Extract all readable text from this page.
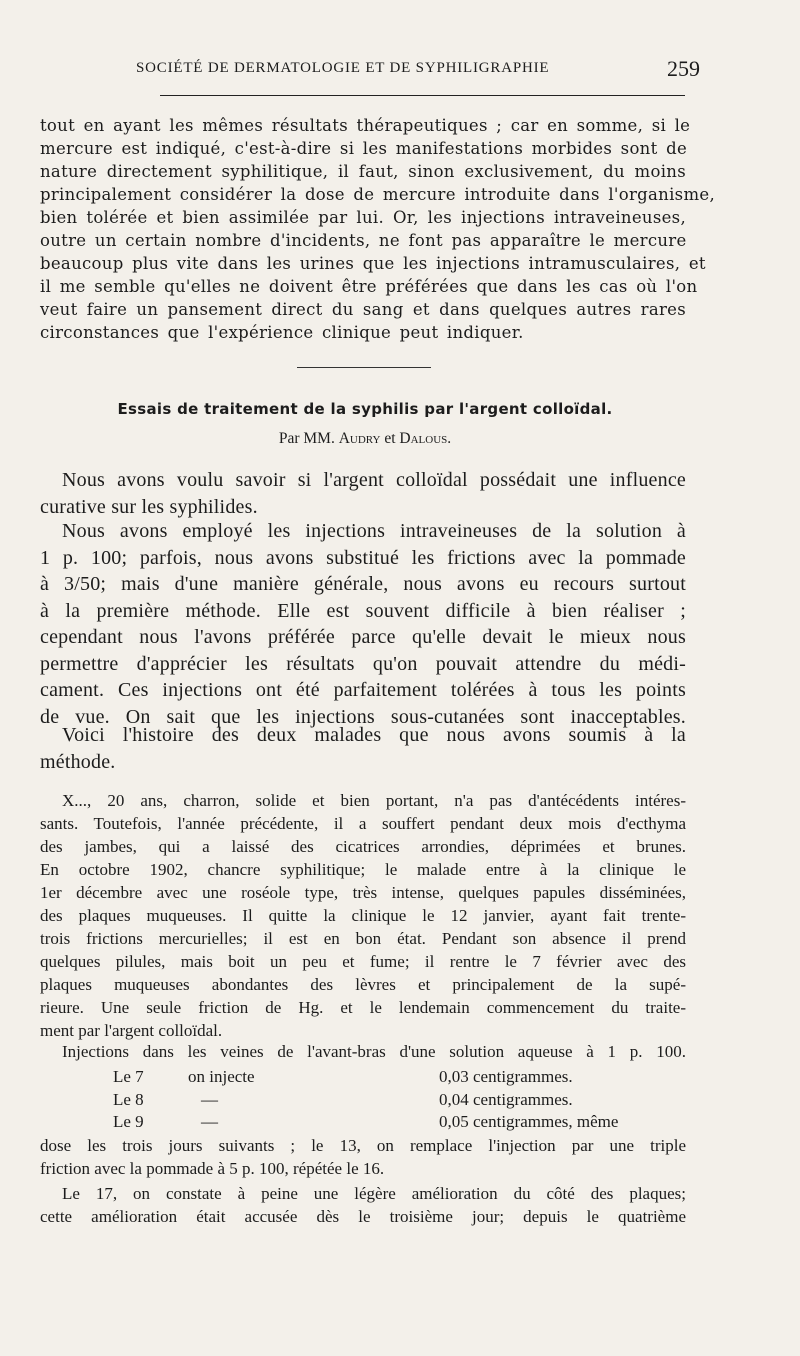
SOCIÉTÉ DE DERMATOLOGIE ET DE SYPHILIGRAPHIE	259
tout en ayant les mêmes résultats thérapeutiques ; car en somme, si le
mercure est indiqué, c'est-à-dire si les manifestations morbides sont de
nature directement syphilitique, il faut, sinon exclusivement, du moins
principalement considérer la dose de mercure introduite dans l'organisme,
bien tolérée et bien assimilée par lui. Or, les injections intraveineuses,
outre un certain nombre d'incidents, ne font pas apparaître le mercure
beaucoup plus vite dans les urines que les injections intramusculaires, et
il me semble qu'elles ne doivent être préférées que dans les cas où l'on
veut faire un pansement direct du sang et dans quelques autres rares
circonstances que l'expérience clinique peut indiquer.
Essais de traitement de la syphilis par l'argent colloïdal.
Par MM. Audry et Dalous.
Nous avons voulu savoir si l'argent colloïdal possédait une influence
curative sur les syphilides.
Nous avons employé les injections intraveineuses de la solution à
1 p. 100; parfois, nous avons substitué les frictions avec la pommade
à 3/50; mais d'une manière générale, nous avons eu recours surtout
à la première méthode. Elle est souvent difficile à bien réaliser ;
cependant nous l'avons préférée parce qu'elle devait le mieux nous
permettre d'apprécier les résultats qu'on pouvait attendre du médi-
cament. Ces injections ont été parfaitement tolérées à tous les points
de vue. On sait que les injections sous-cutanées sont inacceptables.
Voici l'histoire des deux malades que nous avons soumis à la
méthode.
X..., 20 ans, charron, solide et bien portant, n'a pas d'antécédents intéres-
sants. Toutefois, l'année précédente, il a souffert pendant deux mois d'ecthyma
des jambes, qui a laissé des cicatrices arrondies, déprimées et brunes.
En octobre 1902, chancre syphilitique; le malade entre à la clinique le
1er décembre avec une roséole type, très intense, quelques papules disséminées,
des plaques muqueuses. Il quitte la clinique le 12 janvier, ayant fait trente-
trois frictions mercurielles; il est en bon état. Pendant son absence il prend
quelques pilules, mais boit un peu et fume; il rentre le 7 février avec des
plaques muqueuses abondantes des lèvres et principalement de la supé-
rieure. Une seule friction de Hg. et le lendemain commencement du traite-
ment par l'argent colloïdal.
Injections dans les veines de l'avant-bras d'une solution aqueuse à 1 p. 100.
Le 7	on injecte	0,03 centigrammes.
Le 8	—	0,04 centigrammes.
Le 9	—	0,05 centigrammes, même
dose les trois jours suivants ; le 13, on remplace l'injection par une triple
friction avec la pommade à 5 p. 100, répétée le 16.
Le 17, on constate à peine une légère amélioration du côté des plaques;
cette amélioration était accusée dès le troisième jour; depuis le quatrième
